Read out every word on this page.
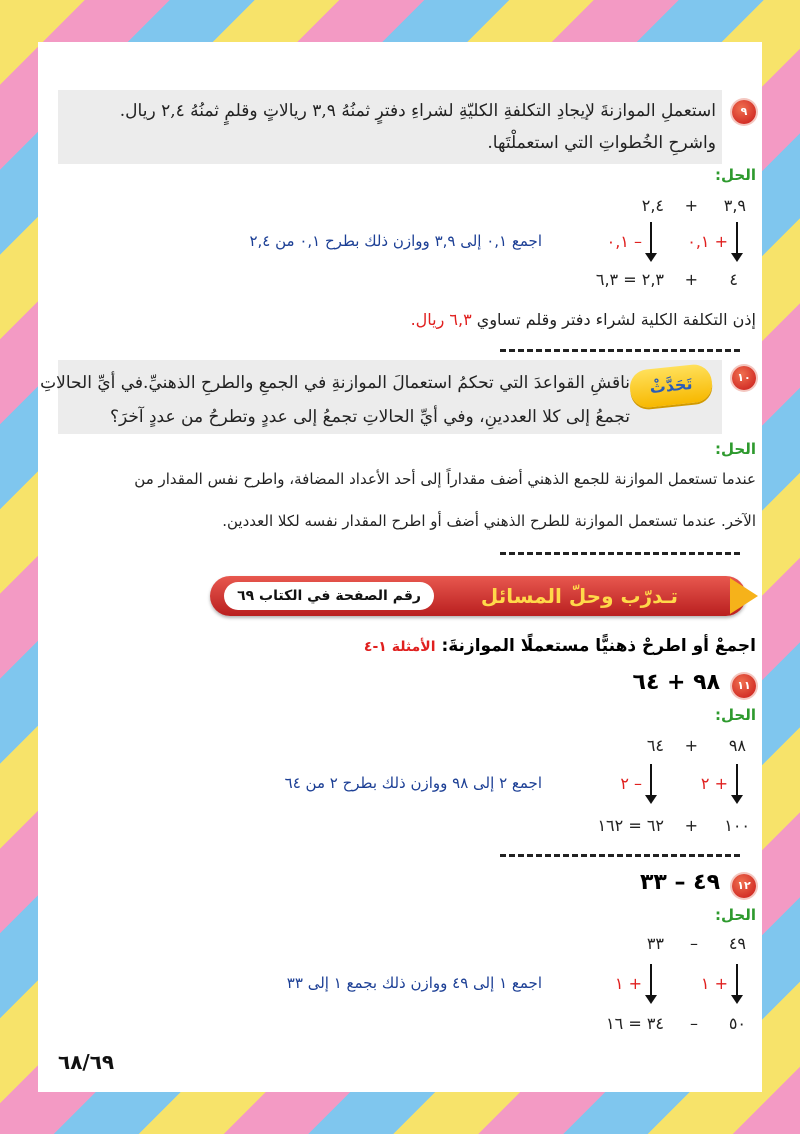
٩
استعملِ الموازنةَ لإيجادِ التكلفةِ الكليّةِ لشراءِ دفترٍ ثمنُهُ ٣,٩ ريالاتٍ وقلمٍ ثمنُهُ ٢,٤ ريال.
واشرحِ الخُطواتِ التي استعملْتَها.
الحل:
٣,٩
+
٢,٤
+ ٠,١
– ٠,١
اجمع ٠,١ إلى ٣,٩ ووازن ذلك بطرح ٠,١ من ٢,٤
٤
+
٢,٣ = ٦,٣
إذن التكلفة الكلية لشراء دفتر وقلم تساوي ٦,٣ ريال.
١٠
تَحَدَّثْ
ناقشِ القواعدَ التي تحكمُ استعمالَ الموازنةِ في الجمعِ والطرحِ الذهنيِّ.في أيِّ الحالاتِ
تجمعُ إلى كلا العددينِ، وفي أيِّ الحالاتِ تجمعُ إلى عددٍ وتطرحُ من عددٍ آخرَ؟
الحل:
عندما تستعمل الموازنة للجمع الذهني أضف مقداراً إلى أحد الأعداد المضافة، واطرح نفس المقدار من
الآخر. عندما تستعمل الموازنة للطرح الذهني أضف أو اطرح المقدار نفسه لكلا العددين.
تـدرّب وحلّ المسائل
رقم الصفحة في الكتاب ٦٩
اجمعْ أو اطرحْ ذهنيًّا مستعملًا الموازنةَ: الأمثلة ١-٤
١١
٩٨ + ٦٤
الحل:
٩٨
+
٦٤
+ ٢
– ٢
اجمع ٢ إلى ٩٨ ووازن ذلك بطرح ٢ من ٦٤
١٠٠
+
٦٢ = ١٦٢
١٢
٤٩ – ٣٣
الحل:
٤٩
–
٣٣
+ ١
+ ١
اجمع ١ إلى ٤٩ ووازن ذلك بجمع ١ إلى ٣٣
٥٠
–
٣٤ = ١٦
٦٨/٦٩
